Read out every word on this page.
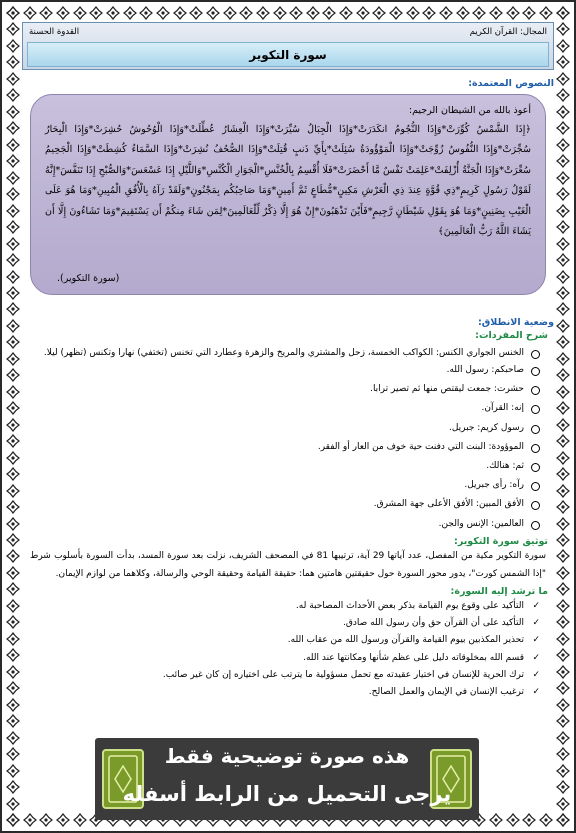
المجال: القرآن الكريم
القدوة الحسنة
سورة التكوير
النصوص المعتمدة:
أعوذ بالله من الشيطان الرجيم:
﴿إِذَا الشَّمْسُ كُوِّرَتْ*وَإِذَا النُّجُومُ انكَدَرَتْ*وَإِذَا الْجِبَالُ سُيِّرَتْ*وَإِذَا الْعِشَارُ عُطِّلَتْ*وَإِذَا الْوُحُوشُ حُشِرَتْ*وَإِذَا الْبِحَارُ سُجِّرَتْ*وَإِذَا النُّفُوسُ زُوِّجَتْ*وَإِذَا الْمَوْؤُودَةُ سُئِلَتْ*بِأَيِّ ذَنبٍ قُتِلَتْ*وَإِذَا الصُّحُفُ نُشِرَتْ*وَإِذَا السَّمَاءُ كُشِطَتْ*وَإِذَا الْجَحِيمُ سُعِّرَتْ*وَإِذَا الْجَنَّةُ أُزْلِفَتْ*عَلِمَتْ نَفْسٌ مَّا أَحْضَرَتْ*فَلَا أُقْسِمُ بِالْخُنَّسِ*الْجَوَارِ الْكُنَّسِ*وَاللَّيْلِ إِذَا عَسْعَسَ*وَالصُّبْحِ إِذَا تَنَفَّسَ*إِنَّهُ لَقَوْلُ رَسُولٍ كَرِيمٍ*ذِي قُوَّةٍ عِندَ ذِي الْعَرْشِ مَكِينٍ*مُّطَاعٍ ثَمَّ أَمِينٍ*وَمَا صَاحِبُكُم بِمَجْنُونٍ*وَلَقَدْ رَآهُ بِالْأُفُقِ الْمُبِينِ*وَمَا هُوَ عَلَى الْغَيْبِ بِضَنِينٍ*وَمَا هُوَ بِقَوْلِ شَيْطَانٍ رَّجِيمٍ*فَأَيْنَ تَذْهَبُونَ*إِنْ هُوَ إِلَّا ذِكْرٌ لِّلْعَالَمِينَ*لِمَن شَاءَ مِنكُمْ أَن يَسْتَقِيمَ*وَمَا تَشَاءُونَ إِلَّا أَن يَشَاءَ اللَّهُ رَبُّ الْعَالَمِينَ﴾
(سورة التكوير).
وضعية الانطلاق:
شرح المفردات:
الخنس الجواري الكنس: الكواكب الخمسة، زحل والمشتري والمريخ والزهرة وعطارد التي تخنس (تختفي) نهارا وتكنس (تظهر) ليلا.
صاحبكم: رسول الله.
حشرت: جمعت ليقتص منها ثم تصير ترابا.
إنه: القرآن.
رسول كريم: جبريل.
الموؤودة: البنت التي دفنت حية خوف من العار أو الفقر.
ثم: هنالك.
رآه: رأى جبريل.
الأفق المبين: الأفق الأعلى جهة المشرق.
العالمين: الإنس والجن.
توثيق سورة التكوير:

سورة التكوير مكية من المفصل، عدد آياتها 29 آية، ترتيبها 81 في المصحف الشريف، نزلت بعد سورة المسد، بدأت السورة بأسلوب شرط "إذا الشمس كورت"، يدور محور السورة حول حقيقتين هامتين هما: حقيقة القيامة وحقيقة الوحي والرسالة، وكلاهما من لوازم الإيمان.

ما ترشد إليه السورة:
✓ التأكيد على وقوع يوم القيامة بذكر بعض الأحداث المصاحبة له.
✓ التأكيد على أن القرآن حق وأن رسول الله صادق.
✓ تحذير المكذبين بيوم القيامة والقرآن ورسول الله من عقاب الله.
✓ قسم الله بمخلوقاته دليل على عظم شأنها ومكانتها عند الله.
✓ ترك الحرية للإنسان في اختيار عقيدته مع تحمل مسؤولية ما يترتب على اختياره إن كان غير صائب.
✓ ترغيب الإنسان في الإيمان والعمل الصالح.
هذه صورة توضيحية فقط
يرجى التحميل من الرابط أسفله
